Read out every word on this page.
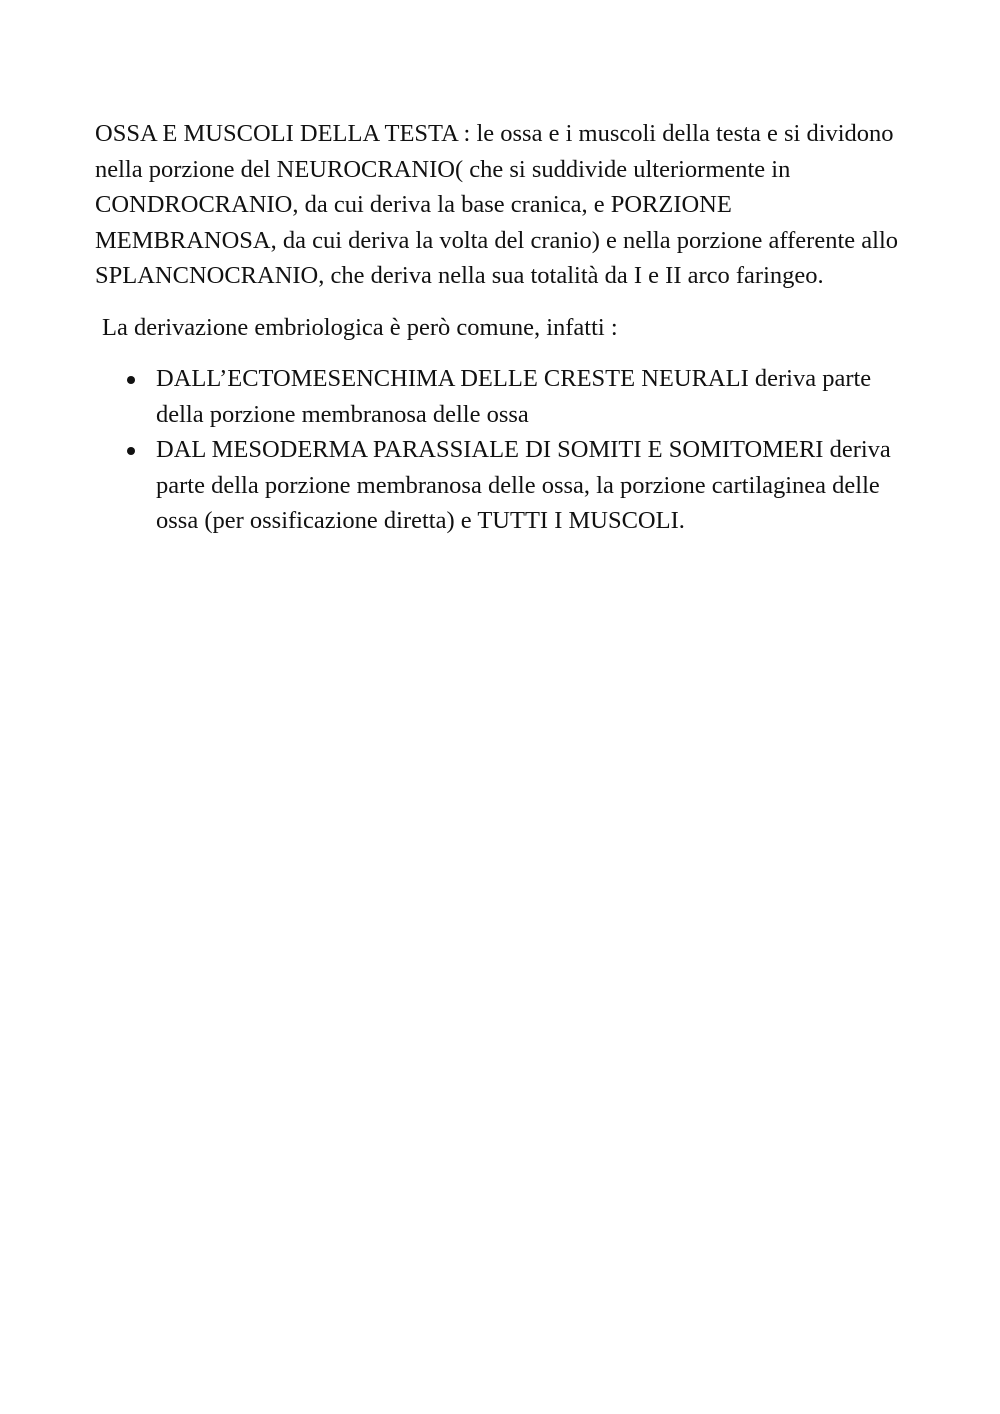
OSSA E MUSCOLI DELLA TESTA : le ossa e i muscoli della testa e si dividono nella porzione del NEUROCRANIO( che si suddivide ulteriormente in CONDROCRANIO, da cui deriva la base cranica, e PORZIONE MEMBRANOSA, da cui deriva la volta del cranio) e nella porzione afferente allo SPLANCNOCRANIO, che deriva nella sua totalità da I e II arco faringeo.

La derivazione embriologica è però comune, infatti :

DALL’ECTOMESENCHIMA DELLE CRESTE NEURALI deriva parte della porzione membranosa delle ossa
DAL MESODERMA PARASSIALE DI SOMITI E SOMITOMERI deriva parte della porzione membranosa delle ossa, la porzione cartilaginea delle ossa (per ossificazione diretta) e TUTTI I MUSCOLI.
